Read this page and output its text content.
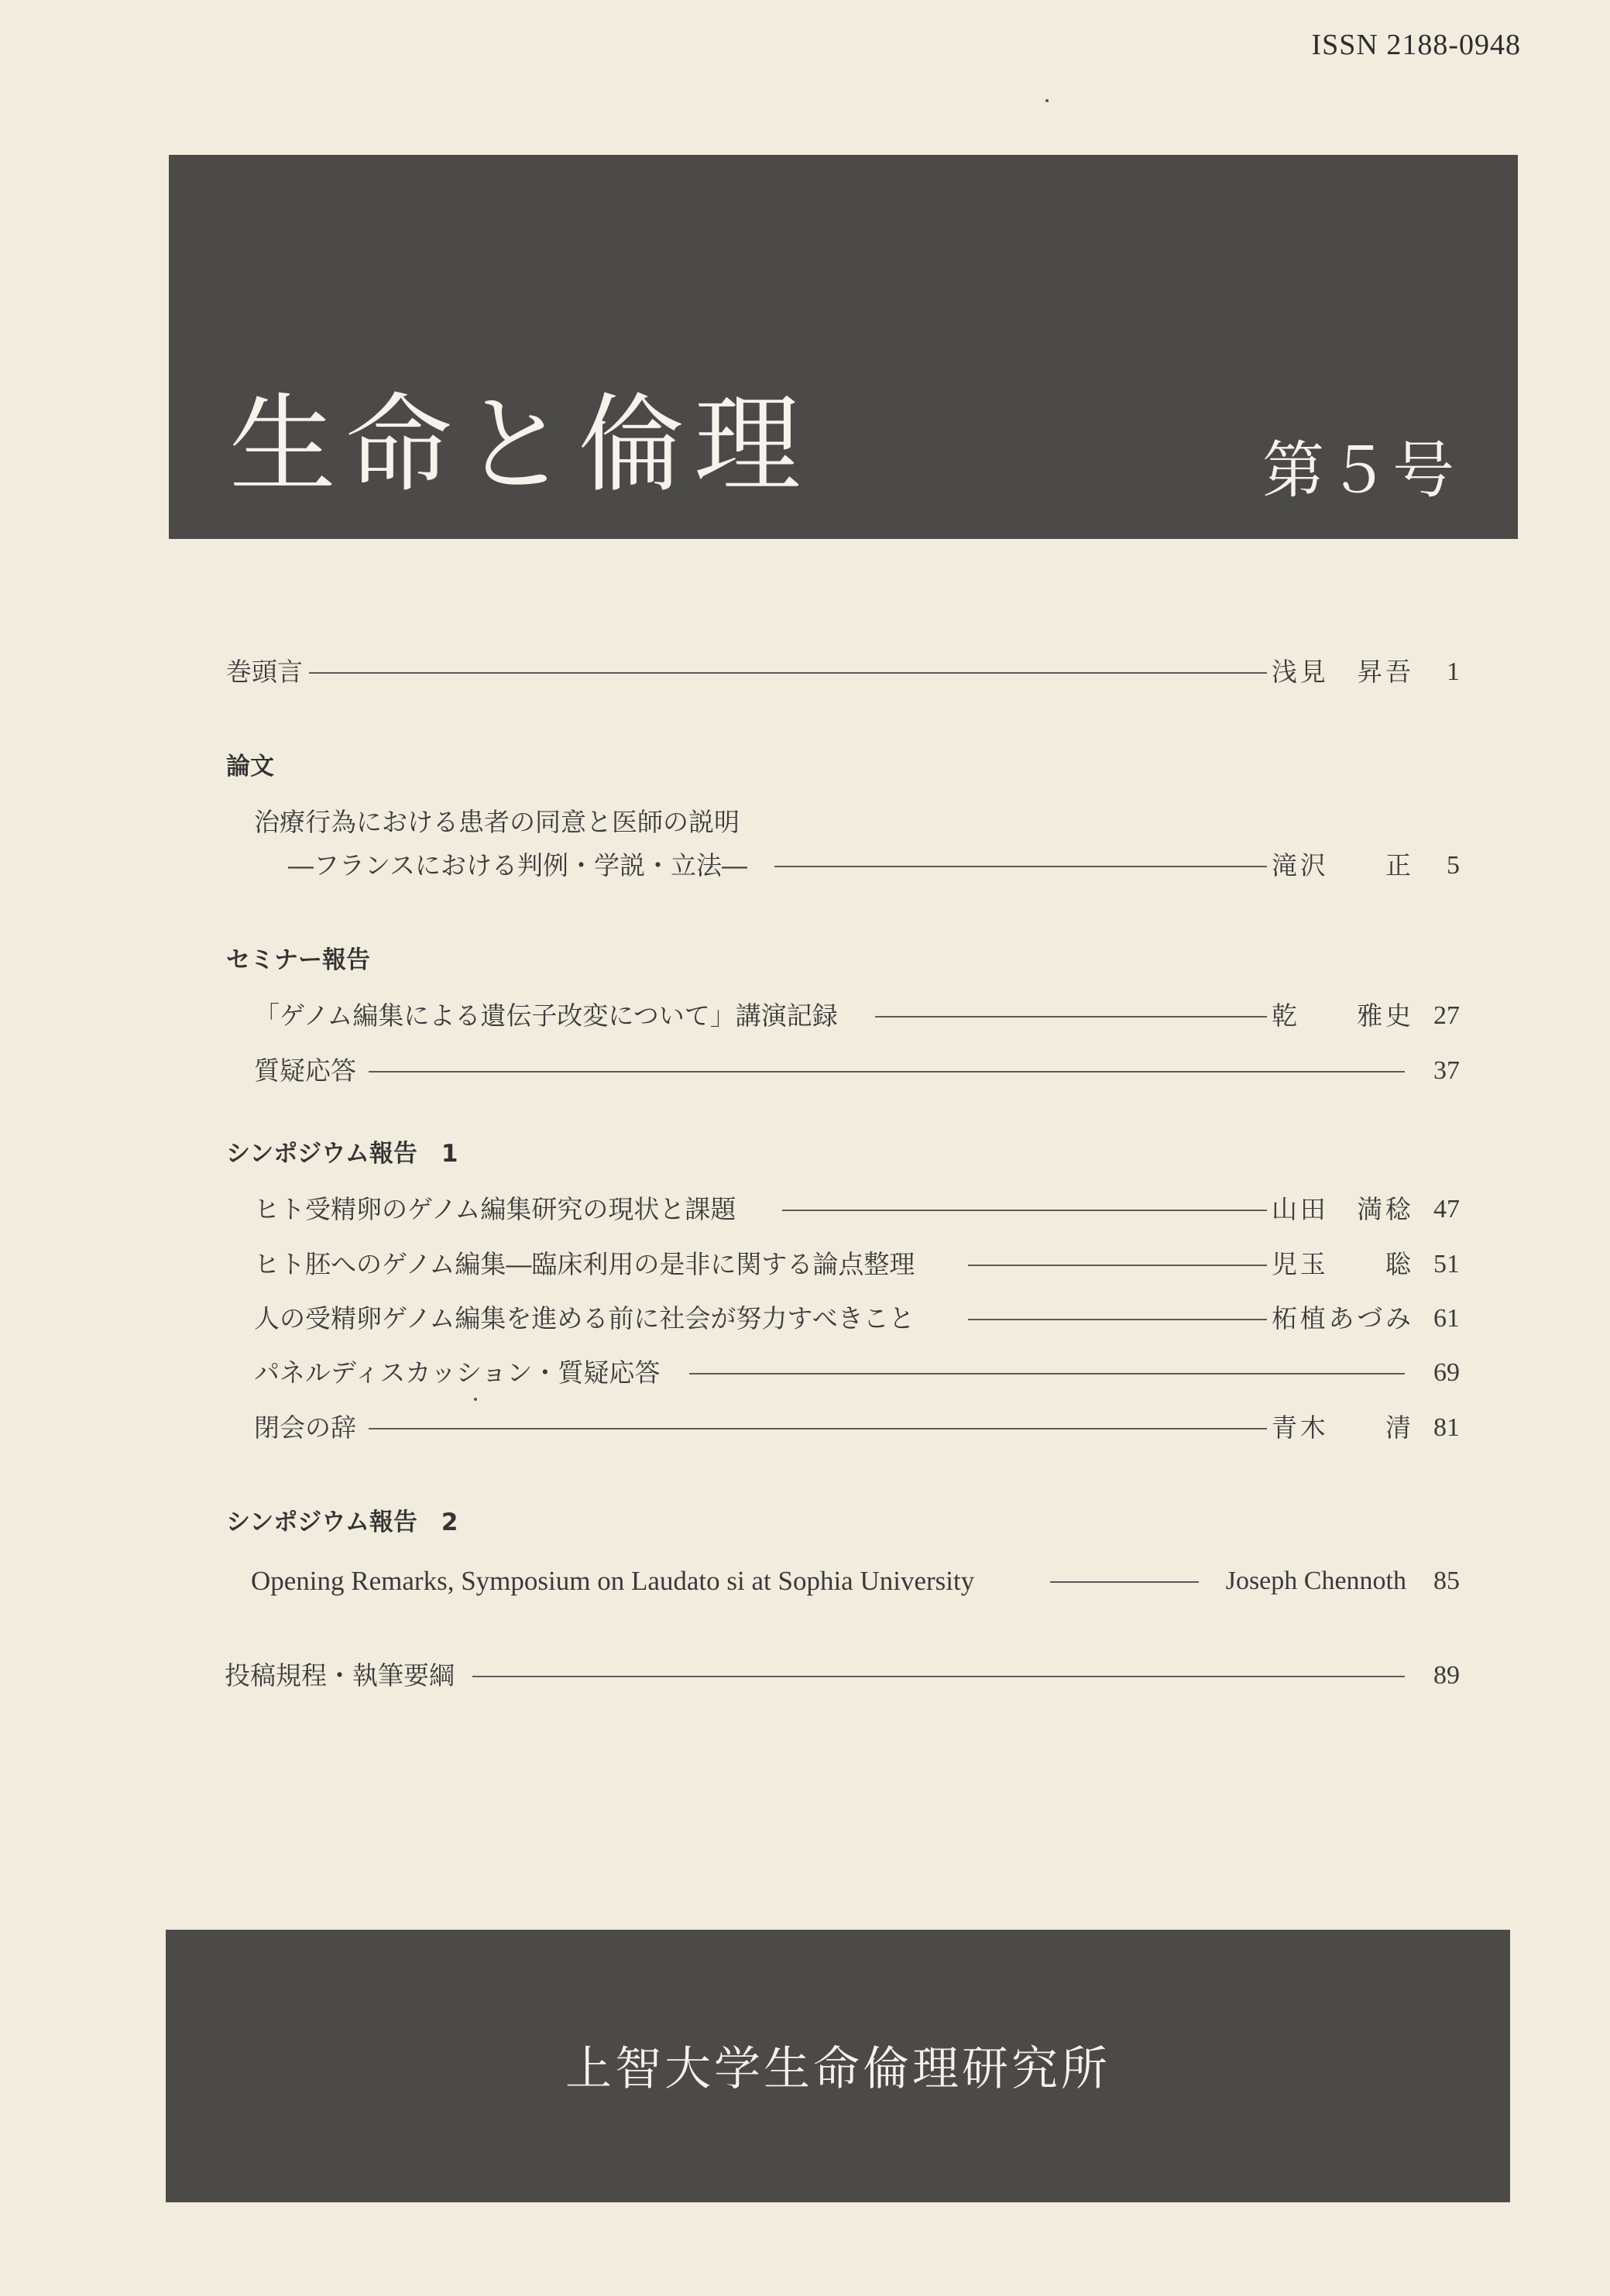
ISSN 2188-0948
生命と倫理	第５号
巻頭言	浅見　昇吾 1
論文
治療行為における患者の同意と医師の説明
―フランスにおける判例・学説・立法―	滝沢　　正 5
セミナー報告
「ゲノム編集による遺伝子改変について」講演記録	乾　　雅史 27
質疑応答	37
シンポジウム報告　1
ヒト受精卵のゲノム編集研究の現状と課題	山田　満稔 47
ヒト胚へのゲノム編集―臨床利用の是非に関する論点整理	児玉　　聡 51
人の受精卵ゲノム編集を進める前に社会が努力すべきこと	柘植あづみ 61
パネルディスカッション・質疑応答	69
閉会の辞	青木　　清 81
シンポジウム報告　2
Opening Remarks, Symposium on Laudato si at Sophia University	Joseph Chennoth 85
投稿規程・執筆要綱	89
上智大学生命倫理研究所
